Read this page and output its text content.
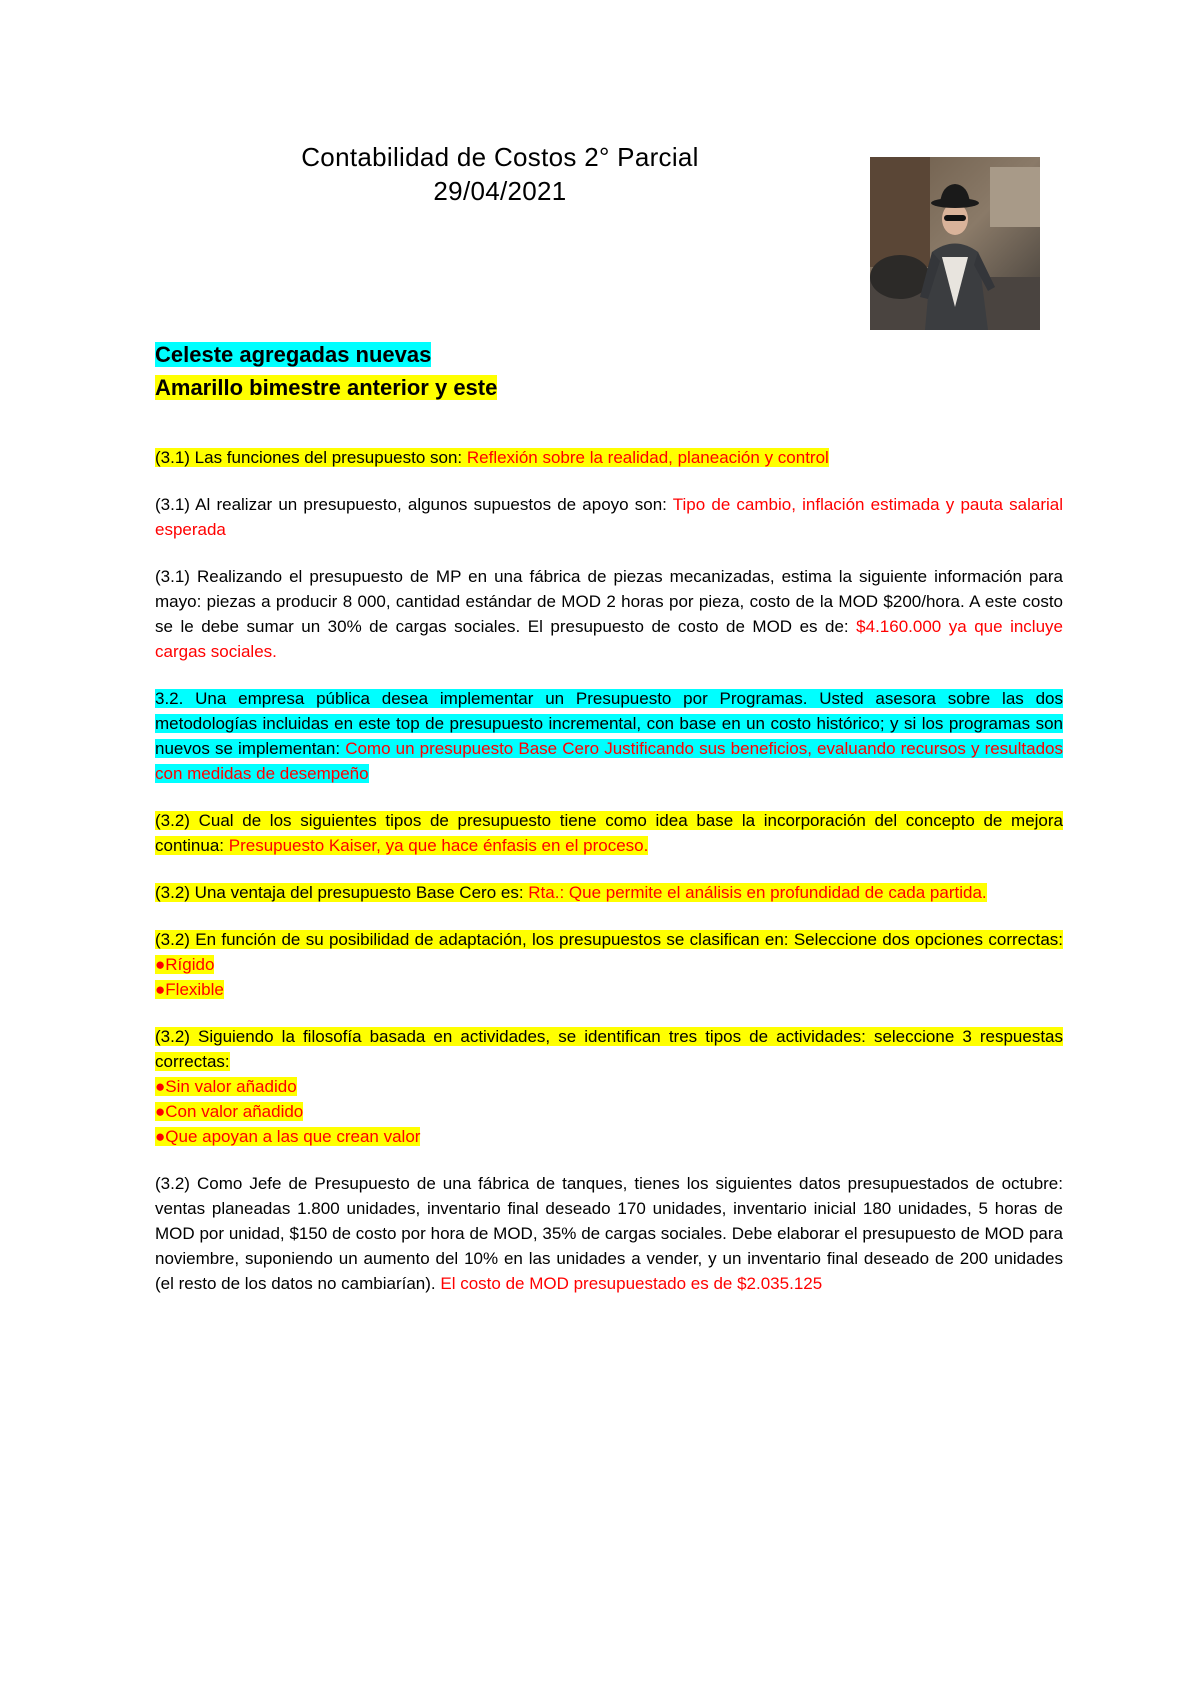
Contabilidad de Costos 2° Parcial
29/04/2021
Celeste agregadas nuevas
Amarillo bimestre anterior y este

(3.1) Las funciones del presupuesto son: Reflexión sobre la realidad, planeación y control

(3.1) Al realizar un presupuesto, algunos supuestos de apoyo son: Tipo de cambio, inflación estimada y pauta salarial esperada

(3.1) Realizando el presupuesto de MP en una fábrica de piezas mecanizadas, estima la siguiente información para mayo: piezas a producir 8 000, cantidad estándar de MOD 2 horas por pieza, costo de la MOD $200/hora. A este costo se le debe sumar un 30% de cargas sociales. El presupuesto de costo de MOD es de: $4.160.000 ya que incluye cargas sociales.

3.2. Una empresa pública desea implementar un Presupuesto por Programas. Usted asesora sobre las dos metodologías incluidas en este top de presupuesto incremental, con base en un costo histórico; y si los programas son nuevos se implementan: Como un presupuesto Base Cero Justificando sus beneficios, evaluando recursos y resultados con medidas de desempeño

(3.2) Cual de los siguientes tipos de presupuesto tiene como idea base la incorporación del concepto de mejora continua: Presupuesto Kaiser, ya que hace énfasis en el proceso.

(3.2) Una ventaja del presupuesto Base Cero es: Rta.: Que permite el análisis en profundidad de cada partida.

(3.2) En función de su posibilidad de adaptación, los presupuestos se clasifican en: Seleccione dos opciones correctas: ●Rígido
●Flexible

(3.2) Siguiendo la filosofía basada en actividades, se identifican tres tipos de actividades: seleccione 3 respuestas correctas:
●Sin valor añadido
●Con valor añadido
●Que apoyan a las que crean valor

(3.2) Como Jefe de Presupuesto de una fábrica de tanques, tienes los siguientes datos presupuestados de octubre: ventas planeadas 1.800 unidades, inventario final deseado 170 unidades, inventario inicial 180 unidades, 5 horas de MOD por unidad, $150 de costo por hora de MOD, 35% de cargas sociales. Debe elaborar el presupuesto de MOD para noviembre, suponiendo un aumento del 10% en las unidades a vender, y un inventario final deseado de 200 unidades (el resto de los datos no cambiarían). El costo de MOD presupuestado es de $2.035.125
